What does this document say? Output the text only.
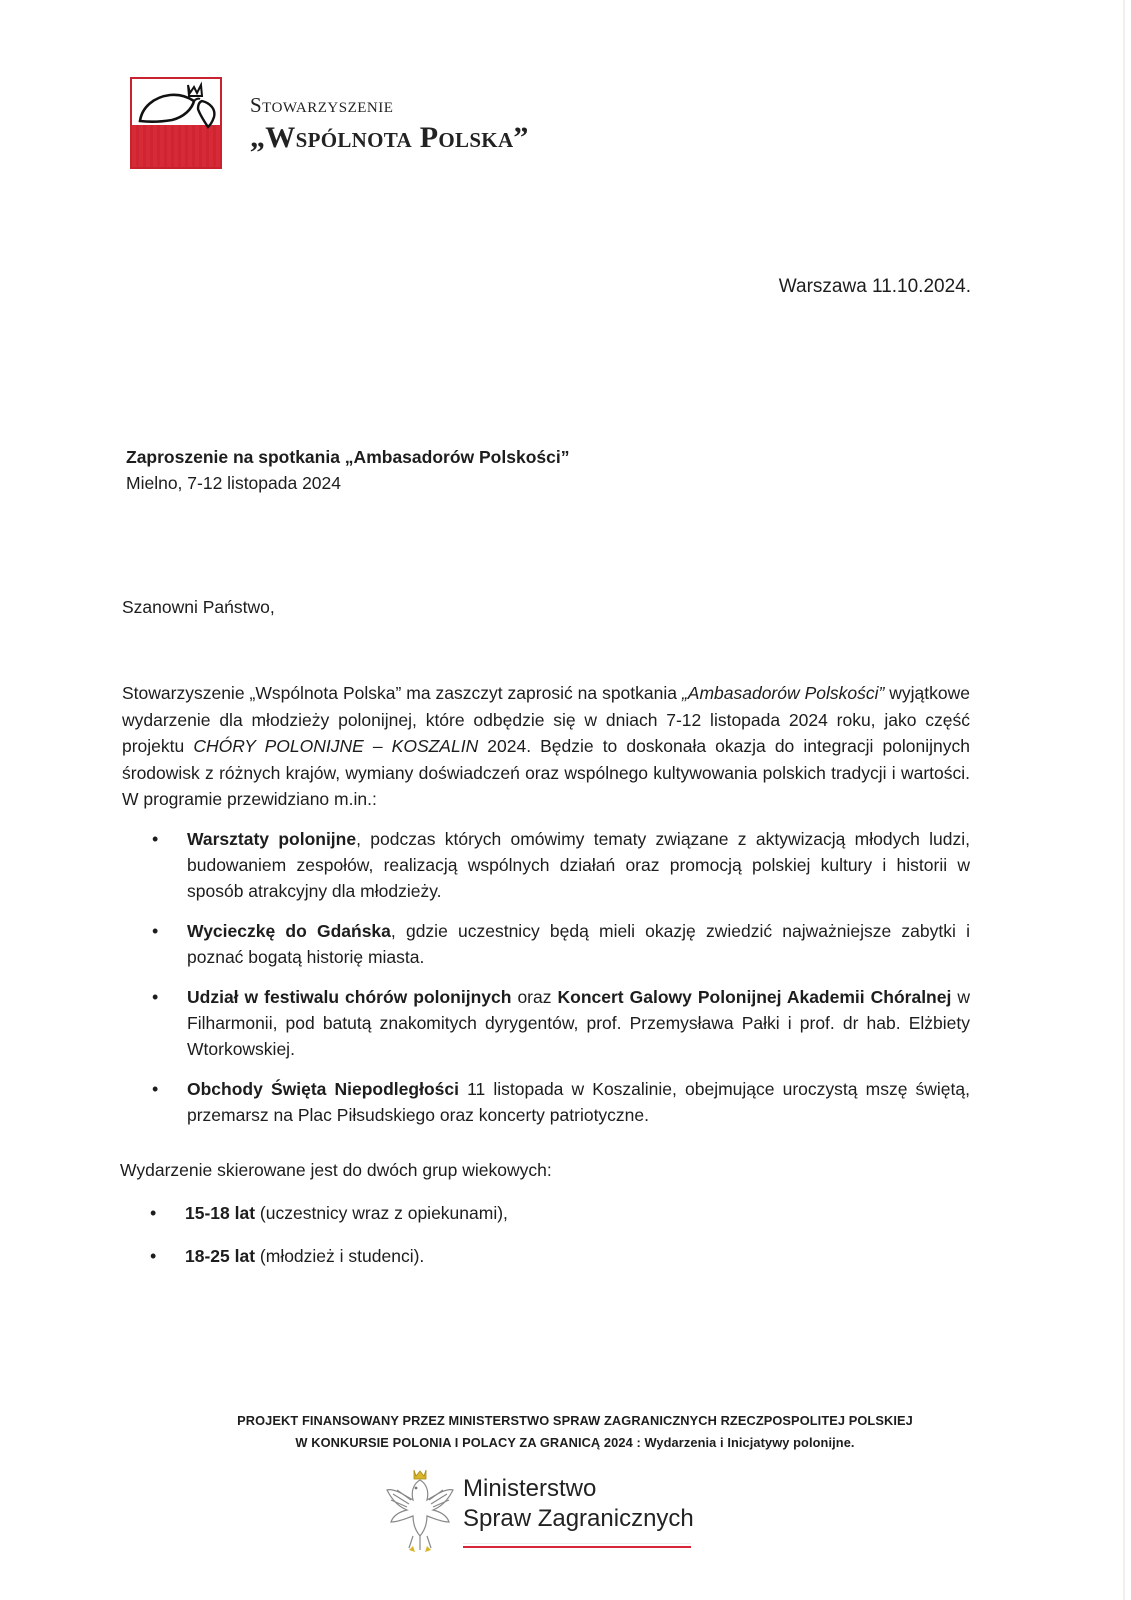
Stowarzyszenie
„Wspólnota Polska”
Warszawa 11.10.2024.
Zaproszenie na spotkania „Ambasadorów Polskości”
Mielno, 7-12 listopada 2024
Szanowni Państwo,

Stowarzyszenie „Wspólnota Polska” ma zaszczyt zaprosić na spotkania „Ambasadorów Polskości” wyjątkowe wydarzenie dla młodzieży polonijnej, które odbędzie się w dniach 7-12 listopada 2024 roku, jako część projektu CHÓRY POLONIJNE – KOSZALIN 2024. Będzie to doskonała okazja do integracji polonijnych środowisk z różnych krajów, wymiany doświadczeń oraz wspólnego kultywowania polskich tradycji i wartości. W programie przewidziano m.in.:

• Warsztaty polonijne, podczas których omówimy tematy związane z aktywizacją młodych ludzi, budowaniem zespołów, realizacją wspólnych działań oraz promocją polskiej kultury i historii w sposób atrakcyjny dla młodzieży.
• Wycieczkę do Gdańska, gdzie uczestnicy będą mieli okazję zwiedzić najważniejsze zabytki i poznać bogatą historię miasta.
• Udział w festiwalu chórów polonijnych oraz Koncert Galowy Polonijnej Akademii Chóralnej w Filharmonii, pod batutą znakomitych dyrygentów, prof. Przemysława Pałki i prof. dr hab. Elżbiety Wtorkowskiej.
• Obchody Święta Niepodległości 11 listopada w Koszalinie, obejmujące uroczystą mszę świętą, przemarsz na Plac Piłsudskiego oraz koncerty patriotyczne.
Wydarzenie skierowane jest do dwóch grup wiekowych:
• 15-18 lat (uczestnicy wraz z opiekunami),
• 18-25 lat (młodzież i studenci).
PROJEKT FINANSOWANY PRZEZ MINISTERSTWO SPRAW ZAGRANICZNYCH RZECZPOSPOLITEJ POLSKIEJ
W KONKURSIE POLONIA I POLACY ZA GRANICĄ 2024 : Wydarzenia i Inicjatywy polonijne.
Ministerstwo
Spraw Zagranicznych
